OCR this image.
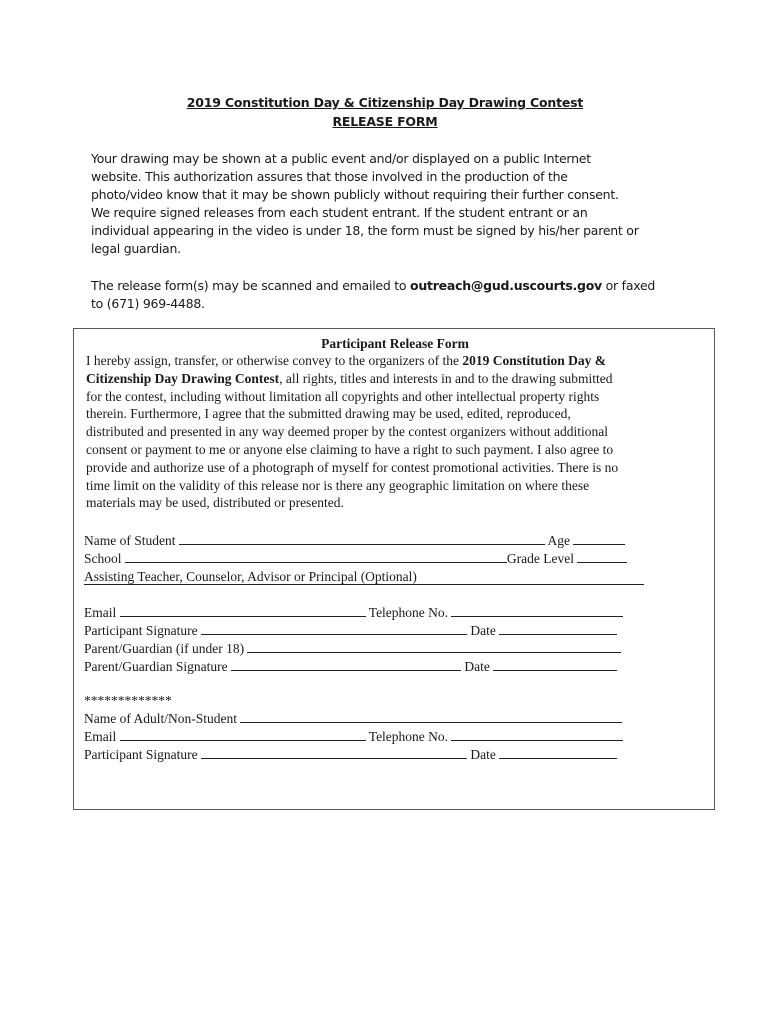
2019 Constitution Day & Citizenship Day Drawing Contest
RELEASE FORM
Your drawing may be shown at a public event and/or displayed on a public Internet
website. This authorization assures that those involved in the production of the
photo/video know that it may be shown publicly without requiring their further consent.
We require signed releases from each student entrant. If the student entrant or an
individual appearing in the video is under 18, the form must be signed by his/her parent or
legal guardian.
The release form(s) may be scanned and emailed to outreach@gud.uscourts.gov or faxed
to (671) 969-4488.
Participant Release Form
I hereby assign, transfer, or otherwise convey to the organizers of the 2019 Constitution Day &
Citizenship Day Drawing Contest, all rights, titles and interests in and to the drawing submitted
for the contest, including without limitation all copyrights and other intellectual property rights
therein. Furthermore, I agree that the submitted drawing may be used, edited, reproduced,
distributed and presented in any way deemed proper by the contest organizers without additional
consent or payment to me or anyone else claiming to have a right to such payment. I also agree to
provide and authorize use of a photograph of myself for contest promotional activities. There is no
time limit on the validity of this release nor is there any geographic limitation on where these
materials may be used, distributed or presented.
Name of Student	Age
School	Grade Level
Assisting Teacher, Counselor, Advisor or Principal (Optional)
Email	Telephone No.
Participant Signature	Date
Parent/Guardian (if under 18)
Parent/Guardian Signature	Date
*************
Name of Adult/Non-Student
Email	Telephone No.
Participant Signature	Date
